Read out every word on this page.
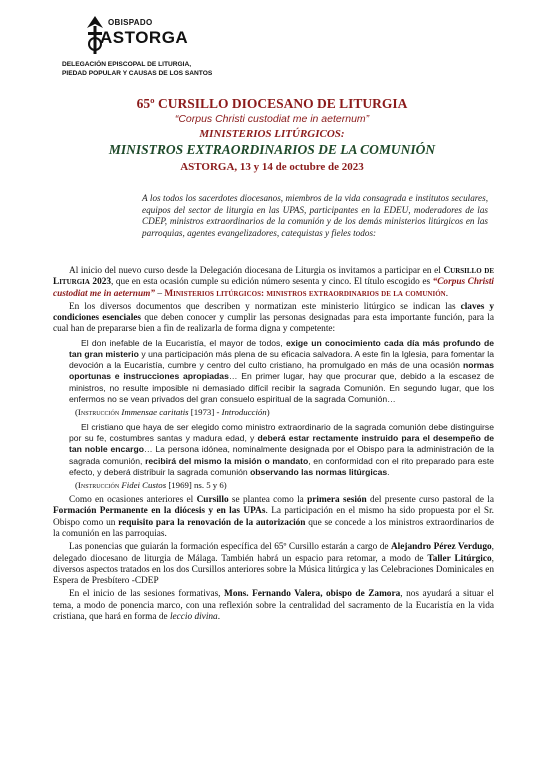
OBISPADO
ASTORGA
DELEGACIÓN EPISCOPAL DE LITURGIA,
PIEDAD POPULAR Y CAUSAS DE LOS SANTOS
65º CURSILLO DIOCESANO DE LITURGIA
“Corpus Christi custodiat me in aeternum”
MINISTERIOS LITÚRGICOS:
MINISTROS EXTRAORDINARIOS DE LA COMUNIÓN
ASTORGA, 13 y 14 de octubre de 2023
A los todos los sacerdotes diocesanos, miembros de la vida consagrada e institutos seculares, equipos del sector de liturgia en las UPAS, participantes en la EDEU, moderadores de las CDEP, ministros extraordinarios de la comunión y de los demás ministerios litúrgicos en las parroquias, agentes evangelizadores, catequistas y fieles todos:

Al inicio del nuevo curso desde la Delegación diocesana de Liturgia os invitamos a participar en el Cursillo de Liturgia 2023, que en esta ocasión cumple su edición número sesenta y cinco. El título escogido es “Corpus Christi custodiat me in aeternum” – Ministerios litúrgicos: ministros extraordinarios de la comunión.

En los diversos documentos que describen y normatizan este ministerio litúrgico se indican las claves y condiciones esenciales que deben conocer y cumplir las personas designadas para esta importante función, para la cual han de prepararse bien a fin de realizarla de forma digna y competente:

El don inefable de la Eucaristía, el mayor de todos, exige un conocimiento cada día más profundo de tan gran misterio y una participación más plena de su eficacia salvadora. A este fin la Iglesia, para fomentar la devoción a la Eucaristía, cumbre y centro del culto cristiano, ha promulgado en más de una ocasión normas oportunas e instrucciones apropiadas… En primer lugar, hay que procurar que, debido a la escasez de ministros, no resulte imposible ni demasiado difícil recibir la sagrada Comunión. En segundo lugar, que los enfermos no se vean privados del gran consuelo espiritual de la sagrada Comunión…
(Instrucción Immensae caritatis [1973] - Introducción)
El cristiano que haya de ser elegido como ministro extraordinario de la sagrada comunión debe distinguirse por su fe, costumbres santas y madura edad, y deberá estar rectamente instruido para el desempeño de tan noble encargo… La persona idónea, nominalmente designada por el Obispo para la administración de la sagrada comunión, recibirá del mismo la misión o mandato, en conformidad con el rito preparado para este efecto, y deberá distribuir la sagrada comunión observando las normas litúrgicas.
(Instrucción Fidei Custos [1969] ns. 5 y 6)

Como en ocasiones anteriores el Cursillo se plantea como la primera sesión del presente curso pastoral de la Formación Permanente en la diócesis y en las UPAs. La participación en el mismo ha sido propuesta por el Sr. Obispo como un requisito para la renovación de la autorización que se concede a los ministros extraordinarios de la comunión en las parroquias.

Las ponencias que guiarán la formación específica del 65º Cursillo estarán a cargo de Alejandro Pérez Verdugo, delegado diocesano de liturgia de Málaga. También habrá un espacio para retomar, a modo de Taller Litúrgico, diversos aspectos tratados en los dos Cursillos anteriores sobre la Música litúrgica y las Celebraciones Dominicales en Espera de Presbítero -CDEP

En el inicio de las sesiones formativas, Mons. Fernando Valera, obispo de Zamora, nos ayudará a situar el tema, a modo de ponencia marco, con una reflexión sobre la centralidad del sacramento de la Eucaristía en la vida cristiana, que hará en forma de leccio divina.
